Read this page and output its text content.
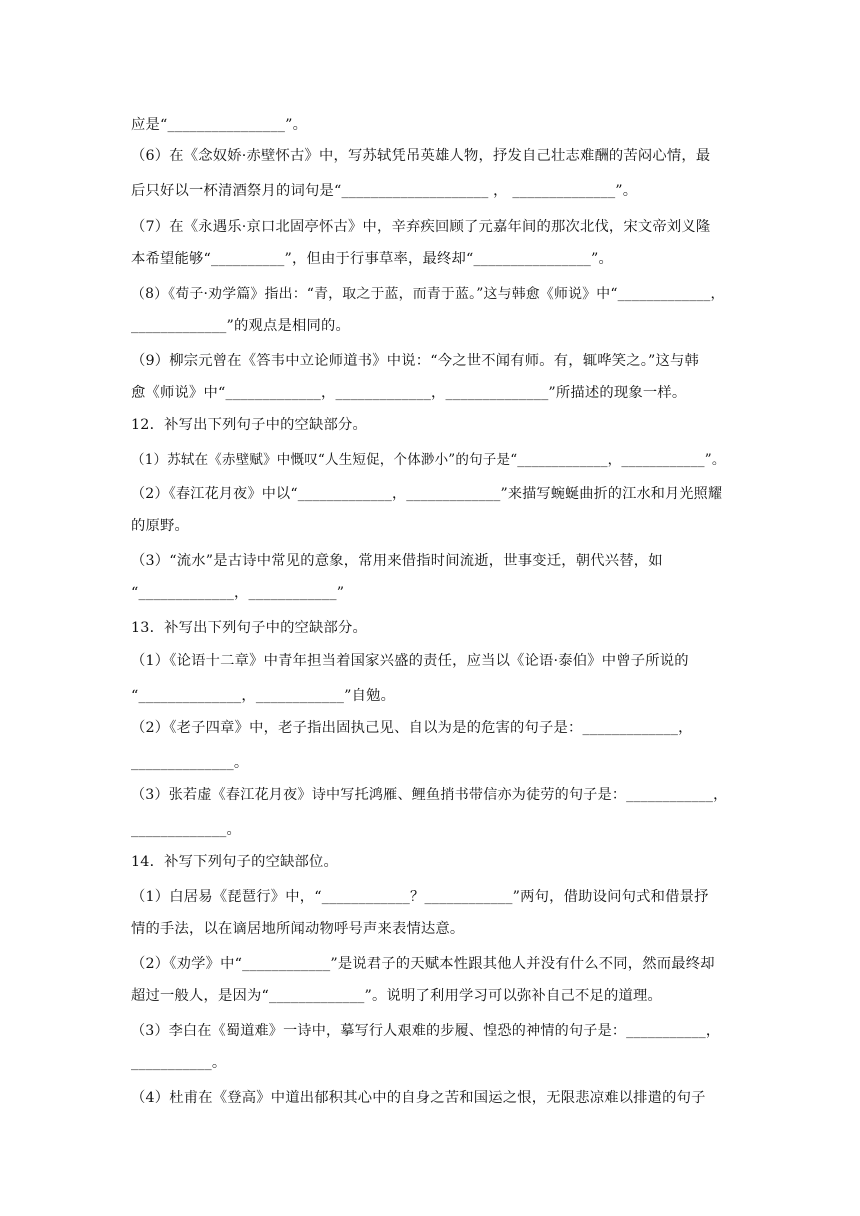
应是“________________”。
（6）在《念奴娇·赤壁怀古》中，写苏轼凭吊英雄人物，抒发自己壮志难酬的苦闷心情，最
后只好以一杯清酒祭月的词句是“____________________ ， ______________”。
（7）在《永遇乐·京口北固亭怀古》中，辛弃疾回顾了元嘉年间的那次北伐，宋文帝刘义隆
本希望能够“__________”，但由于行事草率，最终却“________________”。
（8）《荀子·劝学篇》指出：“青，取之于蓝，而青于蓝。”这与韩愈《师说》中“_____________，
_____________”的观点是相同的。
（9）柳宗元曾在《答韦中立论师道书》中说：“今之世不闻有师。有，辄哗笑之。”这与韩
愈《师说》中“_____________，_____________，______________”所描述的现象一样。
12．补写出下列句子中的空缺部分。
（1）苏轼在《赤壁赋》中慨叹“人生短促，个体渺小”的句子是“_____________，____________”。
（2）《春江花月夜》中以“_____________，_____________”来描写蜿蜒曲折的江水和月光照耀
的原野。
（3）“流水”是古诗中常见的意象，常用来借指时间流逝，世事变迁，朝代兴替，如
“_____________，____________”
13．补写出下列句子中的空缺部分。
（1）《论语十二章》中青年担当着国家兴盛的责任，应当以《论语·泰伯》中曾子所说的
“______________，____________”自勉。
（2）《老子四章》中，老子指出固执己见、自以为是的危害的句子是：_____________，
______________。
（3）张若虚《春江花月夜》诗中写托鸿雁、鲤鱼捎书带信亦为徒劳的句子是：____________，
_____________。
14．补写下列句子的空缺部位。
（1）白居易《琵琶行》中，“____________？____________”两句，借助设问句式和借景抒
情的手法，以在谪居地所闻动物呼号声来表情达意。
（2）《劝学》中“____________”是说君子的天赋本性跟其他人并没有什么不同，然而最终却
超过一般人，是因为“_____________”。说明了利用学习可以弥补自己不足的道理。
（3）李白在《蜀道难》一诗中，摹写行人艰难的步履、惶恐的神情的句子是：___________，
___________。
（4）杜甫在《登高》中道出郁积其心中的自身之苦和国运之恨，无限悲凉难以排遣的句子
